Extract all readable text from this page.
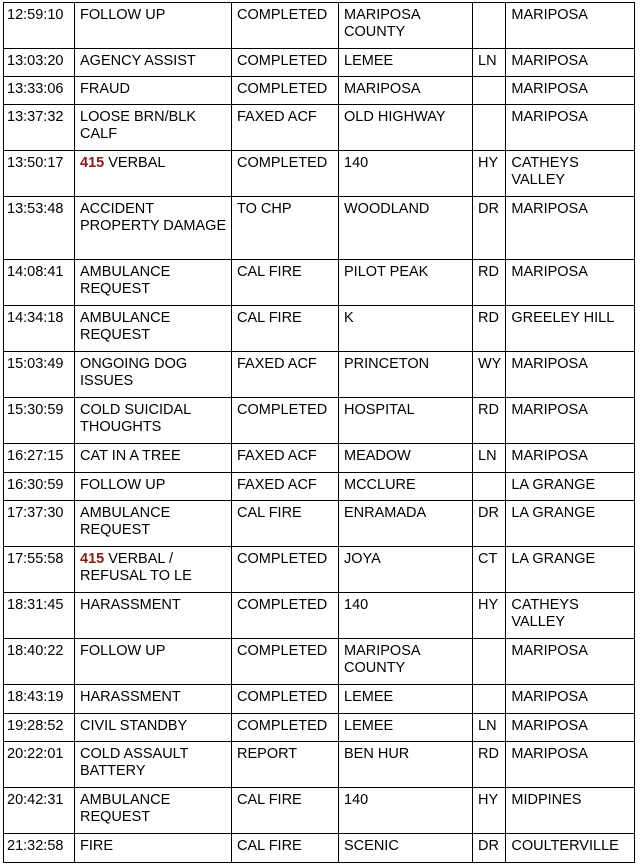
12:59:10	FOLLOW UP	COMPLETED	MARIPOSA COUNTY		MARIPOSA
13:03:20	AGENCY ASSIST	COMPLETED	LEMEE	LN	MARIPOSA
13:33:06	FRAUD	COMPLETED	MARIPOSA		MARIPOSA
13:37:32	LOOSE BRN/BLK CALF	FAXED ACF	OLD HIGHWAY		MARIPOSA
13:50:17	415 VERBAL	COMPLETED	140	HY	CATHEYS VALLEY
13:53:48	ACCIDENT PROPERTY DAMAGE	TO CHP	WOODLAND	DR	MARIPOSA
14:08:41	AMBULANCE REQUEST	CAL FIRE	PILOT PEAK	RD	MARIPOSA
14:34:18	AMBULANCE REQUEST	CAL FIRE	K	RD	GREELEY HILL
15:03:49	ONGOING DOG ISSUES	FAXED ACF	PRINCETON	WY	MARIPOSA
15:30:59	COLD SUICIDAL THOUGHTS	COMPLETED	HOSPITAL	RD	MARIPOSA
16:27:15	CAT IN A TREE	FAXED ACF	MEADOW	LN	MARIPOSA
16:30:59	FOLLOW UP	FAXED ACF	MCCLURE		LA GRANGE
17:37:30	AMBULANCE REQUEST	CAL FIRE	ENRAMADA	DR	LA GRANGE
17:55:58	415 VERBAL / REFUSAL TO LE	COMPLETED	JOYA	CT	LA GRANGE
18:31:45	HARASSMENT	COMPLETED	140	HY	CATHEYS VALLEY
18:40:22	FOLLOW UP	COMPLETED	MARIPOSA COUNTY		MARIPOSA
18:43:19	HARASSMENT	COMPLETED	LEMEE		MARIPOSA
19:28:52	CIVIL STANDBY	COMPLETED	LEMEE	LN	MARIPOSA
20:22:01	COLD ASSAULT BATTERY	REPORT	BEN HUR	RD	MARIPOSA
20:42:31	AMBULANCE REQUEST	CAL FIRE	140	HY	MIDPINES
21:32:58	FIRE	CAL FIRE	SCENIC	DR	COULTERVILLE
